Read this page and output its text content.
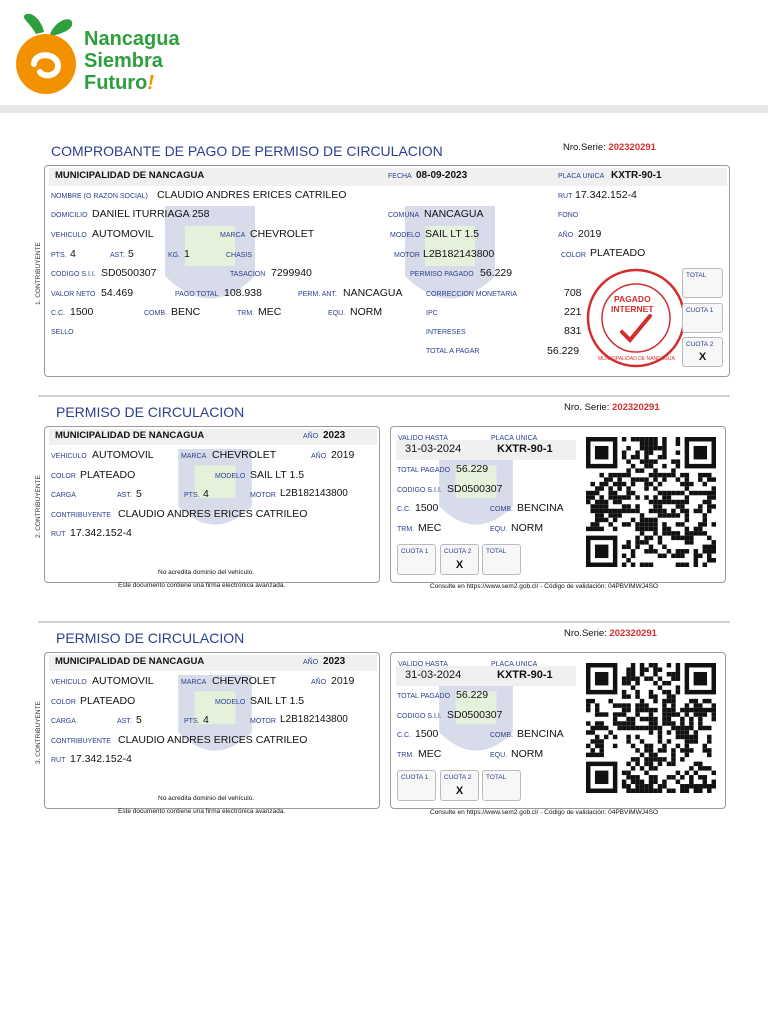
Nancagua
Siembra
Futuro!
COMPROBANTE DE PAGO DE PERMISO DE CIRCULACION	Nro.Serie: 202320291
1. CONTRIBUYENTE
MUNICIPALIDAD DE NANCAGUA	FECHA 08-09-2023	PLACA UNICA KXTR-90-1
NOMBRE (O RAZON SOCIAL) CLAUDIO ANDRES ERICES CATRILEO	RUT 17.342.152-4
DOMICILIO DANIEL ITURRIAGA 258	COMUNA NANCAGUA	FONO
VEHICULO AUTOMOVIL	MARCA CHEVROLET	MODELO SAIL LT 1.5	AÑO 2019
PTS. 4	AST. 5	KG. 1	CHASIS	MOTOR L2B182143800	COLOR PLATEADO
CODIGO S.I.I. SD0500307	TASACION 7299940	PERMISO PAGADO 56.229
VALOR NETO 54.469	PAGO TOTAL 108.938	PERM. ANT. NANCAGUA	CORRECCION MONETARIA	708
C.C. 1500	COMB. BENC	TRM. MEC	EQU. NORM	IPC	221
SELLO	INTERESES	831
TOTAL A PAGAR	56.229
PAGADO
INTERNET
MUNICIPALIDAD DE NANCAGUA
TOTAL
CUOTA 1
CUOTA 2
X
PERMISO DE CIRCULACION	Nro. Serie: 202320291
2. CONTRIBUYENTE
MUNICIPALIDAD DE NANCAGUA	AÑO 2023
VEHICULO AUTOMOVIL	MARCA CHEVROLET	AÑO 2019
COLOR PLATEADO	MODELO SAIL LT 1.5
CARGA	AST. 5	PTS. 4	MOTOR L2B182143800
CONTRIBUYENTE CLAUDIO ANDRES ERICES CATRILEO
RUT 17.342.152-4
No acredita dominio del vehículo.
Este documento contiene una firma electrónica avanzada.
VALIDO HASTA
31-03-2024
PLACA UNICA
KXTR-90-1
TOTAL PAGADO 56.229
CODIGO S.I.I. SD0500307
C.C. 1500	COMB. BENCINA
TRM. MEC	EQU. NORM
CUOTA 1 CUOTA 2
X
TOTAL
Consulte en https://www.sem2.gob.cl/ - Código de validación: 04PBVIMWJ4SO
PERMISO DE CIRCULACION	Nro.Serie: 202320291
3. CONTRIBUYENTE
MUNICIPALIDAD DE NANCAGUA	AÑO 2023
VEHICULO AUTOMOVIL	MARCA CHEVROLET	AÑO 2019
COLOR PLATEADO	MODELO SAIL LT 1.5
CARGA	AST. 5	PTS. 4	MOTOR L2B182143800
CONTRIBUYENTE CLAUDIO ANDRES ERICES CATRILEO
RUT 17.342.152-4
No acredita dominio del vehículo.
Este documento contiene una firma electrónica avanzada.
VALIDO HASTA
31-03-2024
PLACA UNICA
KXTR-90-1
TOTAL PAGADO 56.229
CODIGO S.I.I. SD0500307
C.C. 1500	COMB. BENCINA
TRM. MEC	EQU. NORM
CUOTA 1 CUOTA 2
X
TOTAL
Consulte en https://www.sem2.gob.cl/ - Código de validación: 04PBVIMWJ4SO
